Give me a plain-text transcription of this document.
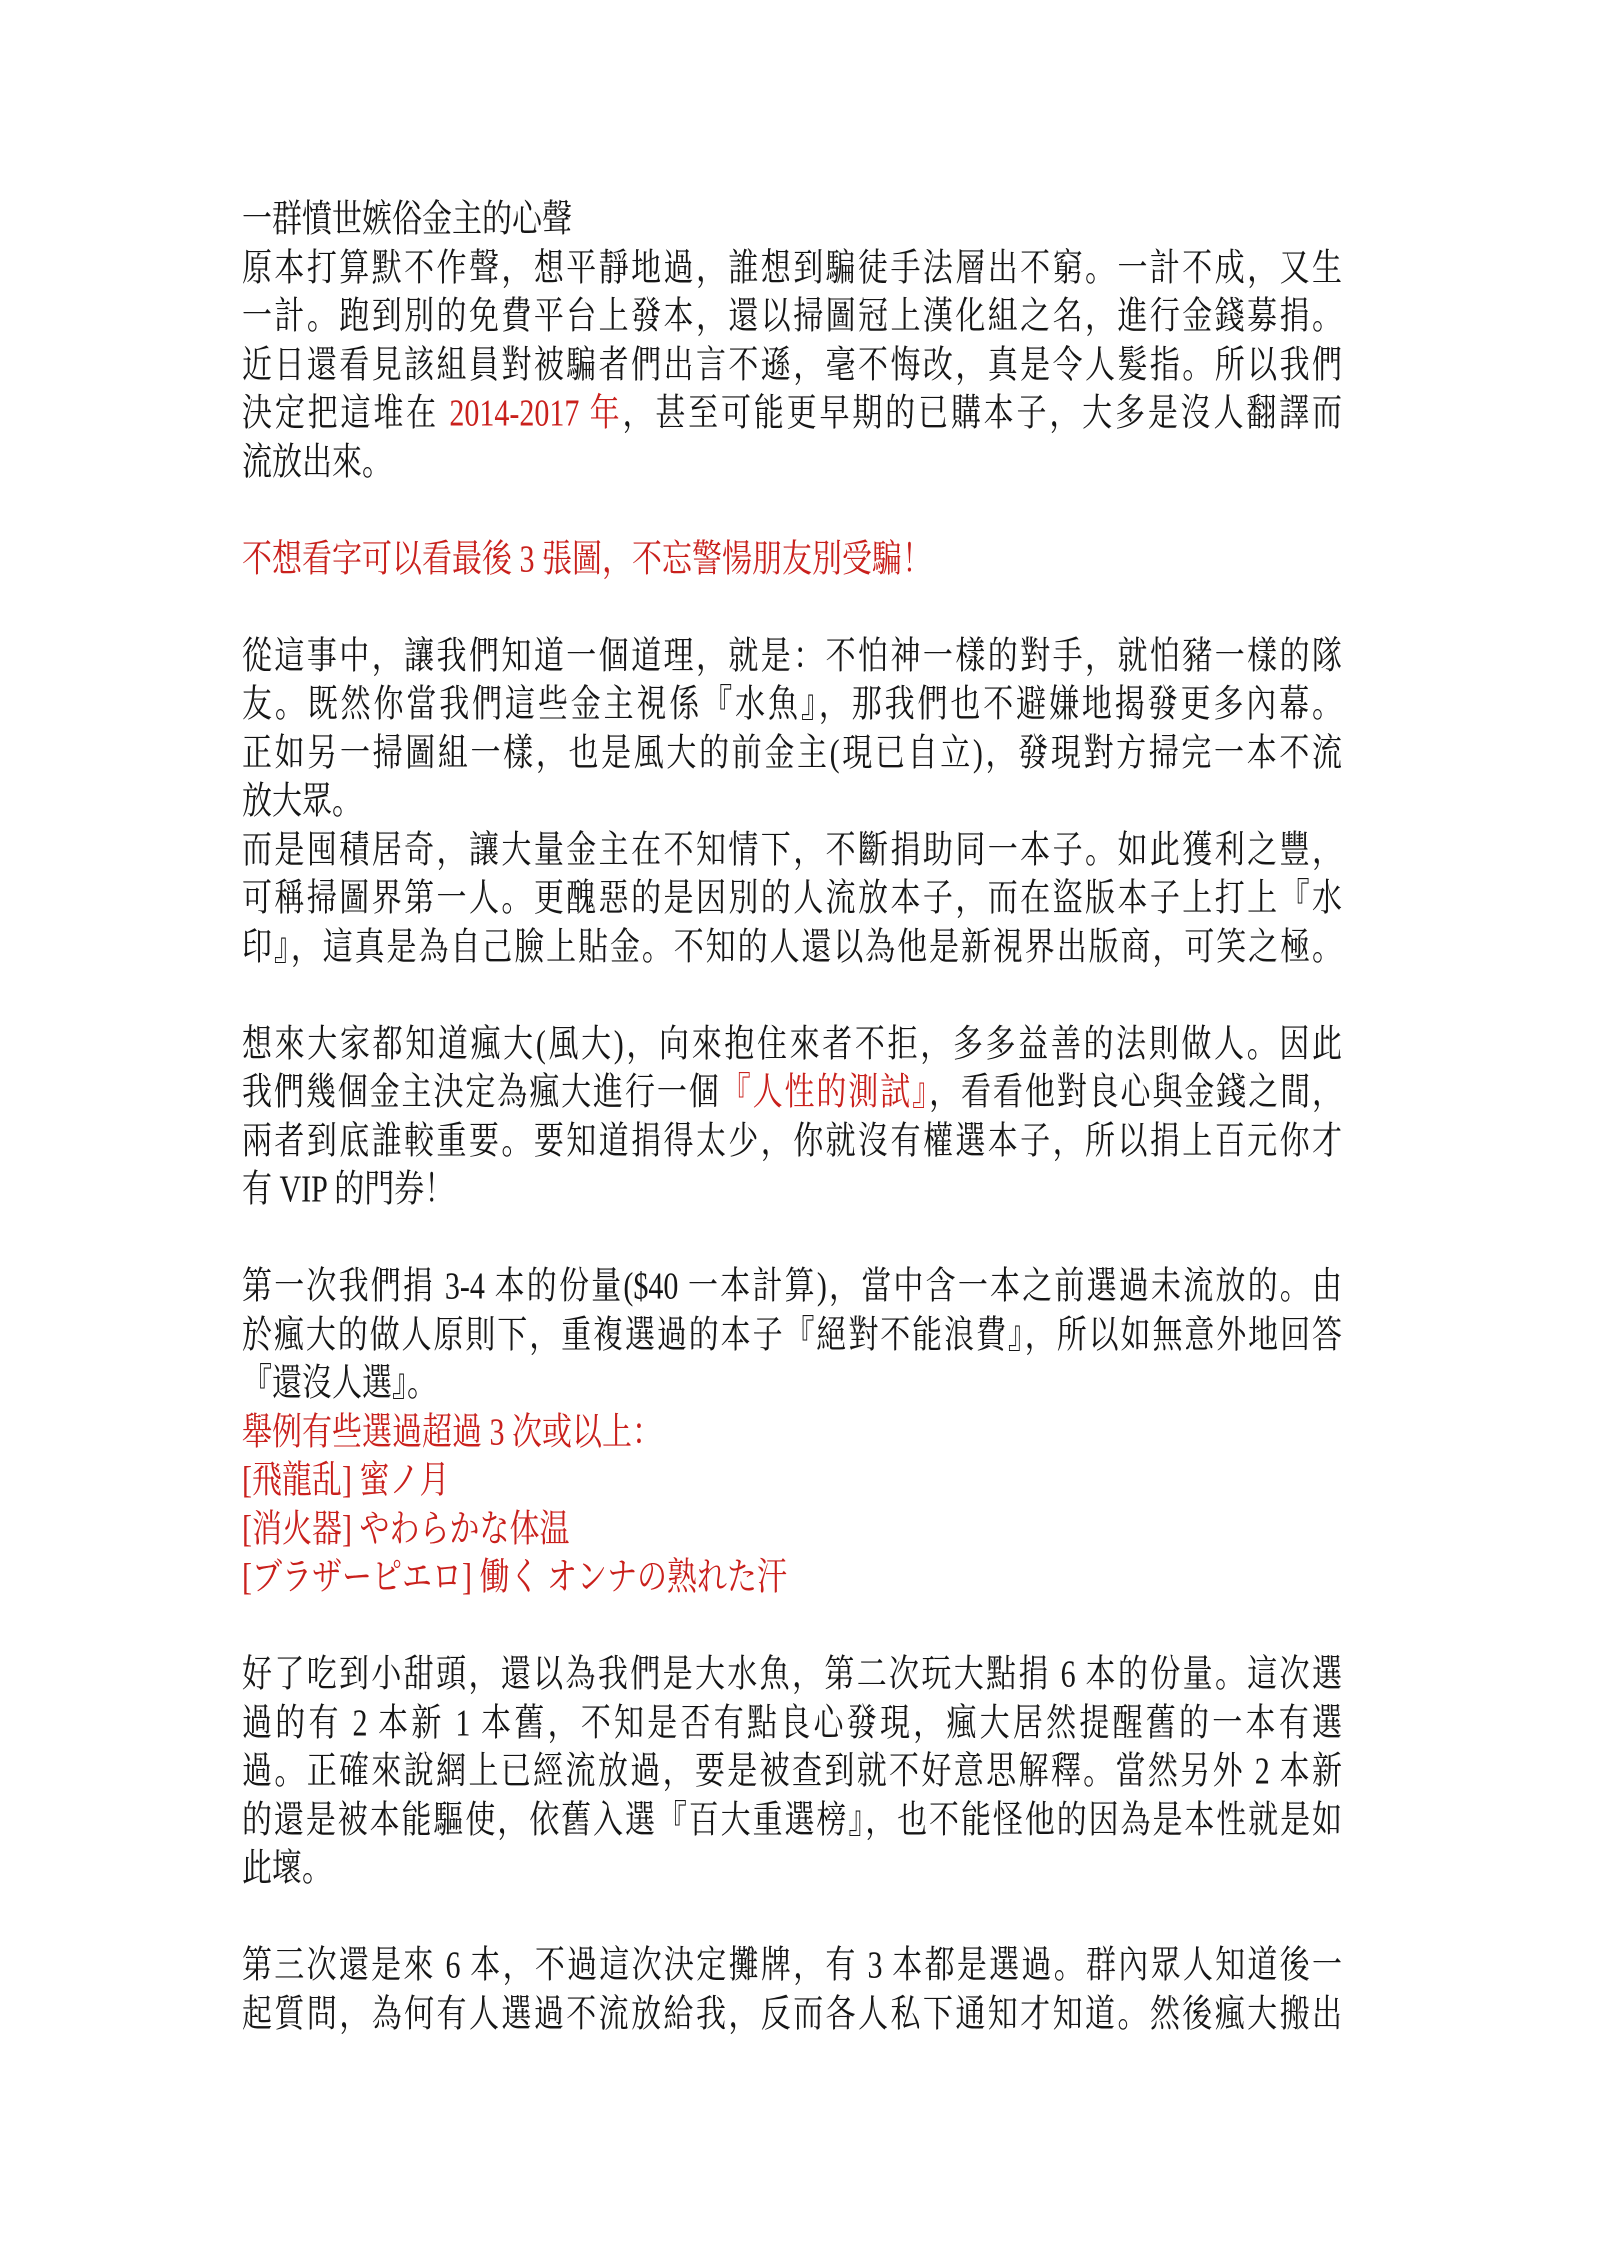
一群憤世嫉俗金主的心聲
原本打算默不作聲，想平靜地過，誰想到騙徒手法層出不窮。一計不成，又生
一計。跑到別的免費平台上發本，還以掃圖冠上漢化組之名，進行金錢募捐。
近日還看見該組員對被騙者們出言不遜，毫不悔改，真是令人髮指。所以我們
決定把這堆在 2014-2017 年，甚至可能更早期的已購本子，大多是沒人翻譯而
流放出來。
不想看字可以看最後 3 張圖，不忘警愓朋友別受騙！
從這事中，讓我們知道一個道理，就是：不怕神一樣的對手，就怕豬一樣的隊
友。既然你當我們這些金主視係『水魚』，那我們也不避嫌地揭發更多內幕。
正如另一掃圖組一樣，也是風大的前金主(現已自立)，發現對方掃完一本不流
放大眾。
而是囤積居奇，讓大量金主在不知情下，不斷捐助同一本子。如此獲利之豐，
可稱掃圖界第一人。更醜惡的是因別的人流放本子，而在盜版本子上打上『水
印』，這真是為自己臉上貼金。不知的人還以為他是新視界出版商，可笑之極。
想來大家都知道瘋大(風大)，向來抱住來者不拒，多多益善的法則做人。因此
我們幾個金主決定為瘋大進行一個『人性的測試』，看看他對良心與金錢之間，
兩者到底誰較重要。要知道捐得太少，你就沒有權選本子，所以捐上百元你才
有 VIP 的門券！
第一次我們捐 3-4 本的份量($40 一本計算)，當中含一本之前選過未流放的。由
於瘋大的做人原則下，重複選過的本子『絕對不能浪費』，所以如無意外地回答
『還沒人選』。
舉例有些選過超過 3 次或以上：
[飛龍乱] 蜜ノ月
[消火器] やわらかな体温
[ブラザーピエロ] 働く オンナの熟れた汗
好了吃到小甜頭，還以為我們是大水魚，第二次玩大點捐 6 本的份量。這次選
過的有 2 本新 1 本舊，不知是否有點良心發現，瘋大居然提醒舊的一本有選
過。正確來說網上已經流放過，要是被查到就不好意思解釋。當然另外 2 本新
的還是被本能驅使，依舊入選『百大重選榜』，也不能怪他的因為是本性就是如
此壞。
第三次還是來 6 本，不過這次決定攤牌，有 3 本都是選過。群內眾人知道後一
起質問，為何有人選過不流放給我，反而各人私下通知才知道。然後瘋大搬出
